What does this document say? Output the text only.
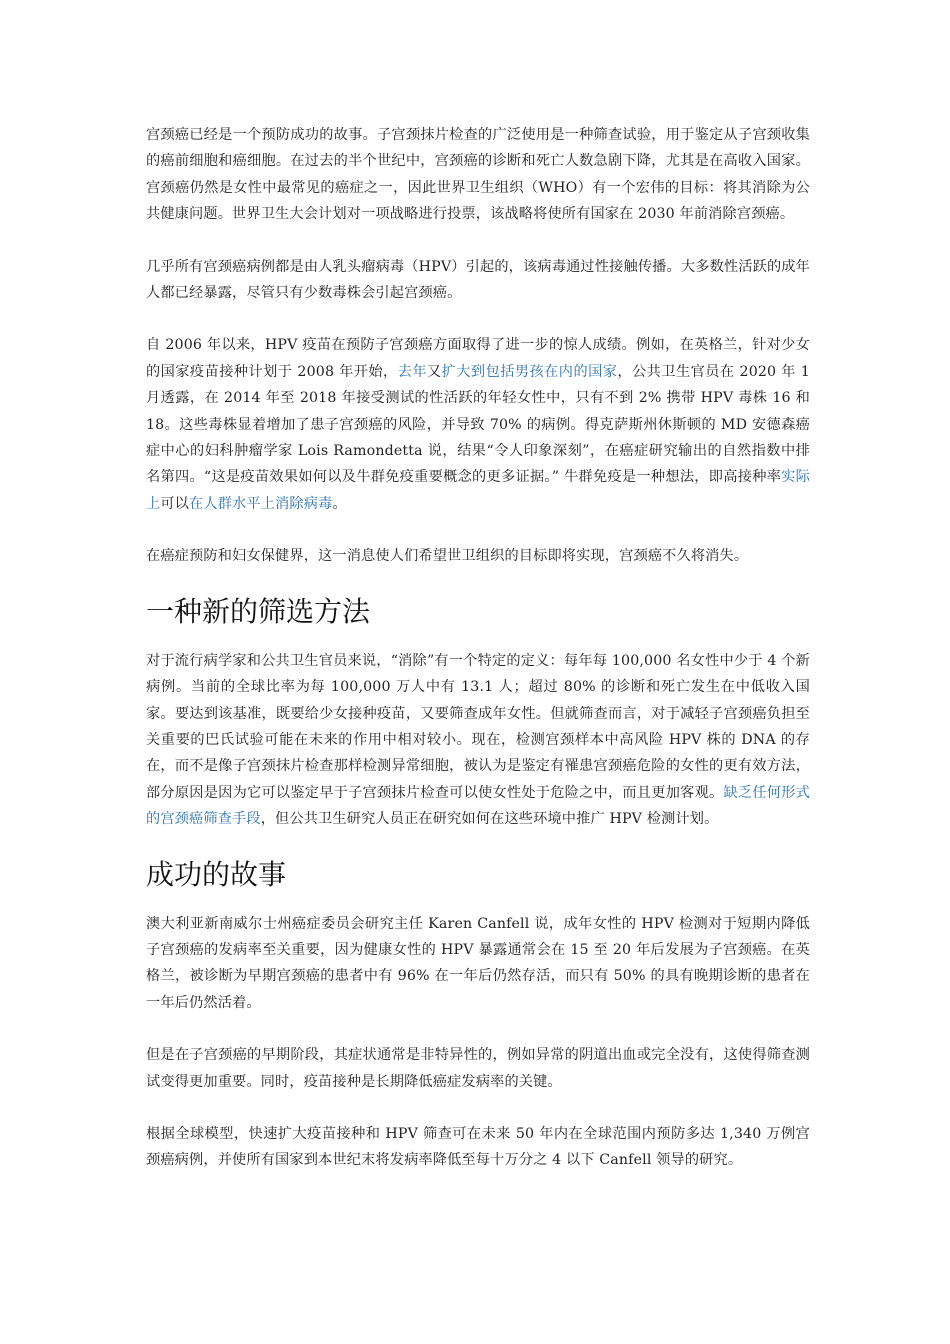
宫颈癌已经是一个预防成功的故事。子宫颈抹片检查的广泛使用是一种筛查试验，用于鉴定从子宫颈收集的癌前细胞和癌细胞。在过去的半个世纪中，宫颈癌的诊断和死亡人数急剧下降，尤其是在高收入国家。宫颈癌仍然是女性中最常见的癌症之一，因此世界卫生组织（WHO）有一个宏伟的目标：将其消除为公共健康问题。世界卫生大会计划对一项战略进行投票，该战略将使所有国家在 2030 年前消除宫颈癌。

几乎所有宫颈癌病例都是由人乳头瘤病毒（HPV）引起的，该病毒通过性接触传播。大多数性活跃的成年人都已经暴露，尽管只有少数毒株会引起宫颈癌。

自 2006 年以来，HPV 疫苗在预防子宫颈癌方面取得了进一步的惊人成绩。例如，在英格兰，针对少女的国家疫苗接种计划于 2008 年开始，去年又扩大到包括男孩在内的国家，公共卫生官员在 2020 年 1 月透露，在 2014 年至 2018 年接受测试的性活跃的年轻女性中，只有不到 2% 携带 HPV 毒株 16 和 18。这些毒株显着增加了患子宫颈癌的风险，并导致 70% 的病例。得克萨斯州休斯顿的 MD 安德森癌症中心的妇科肿瘤学家 Lois Ramondetta 说，结果“令人印象深刻”，在癌症研究输出的自然指数中排名第四。“这是疫苗效果如何以及牛群免疫重要概念的更多证据。” 牛群免疫是一种想法，即高接种率实际上可以在人群水平上消除病毒。

在癌症预防和妇女保健界，这一消息使人们希望世卫组织的目标即将实现，宫颈癌不久将消失。

一种新的筛选方法

对于流行病学家和公共卫生官员来说，“消除”有一个特定的定义：每年每 100,000 名女性中少于 4 个新病例。当前的全球比率为每 100,000 万人中有 13.1 人；超过 80% 的诊断和死亡发生在中低收入国家。要达到该基准，既要给少女接种疫苗，又要筛查成年女性。但就筛查而言，对于减轻子宫颈癌负担至关重要的巴氏试验可能在未来的作用中相对较小。现在，检测宫颈样本中高风险 HPV 株的 DNA 的存在，而不是像子宫颈抹片检查那样检测异常细胞，被认为是鉴定有罹患宫颈癌危险的女性的更有效方法，部分原因是因为它可以鉴定早于子宫颈抹片检查可以使女性处于危险之中，而且更加客观。缺乏任何形式的宫颈癌筛查手段，但公共卫生研究人员正在研究如何在这些环境中推广 HPV 检测计划。

成功的故事

澳大利亚新南威尔士州癌症委员会研究主任 Karen Canfell 说，成年女性的 HPV 检测对于短期内降低子宫颈癌的发病率至关重要，因为健康女性的 HPV 暴露通常会在 15 至 20 年后发展为子宫颈癌。在英格兰，被诊断为早期宫颈癌的患者中有 96% 在一年后仍然存活，而只有 50% 的具有晚期诊断的患者在一年后仍然活着。

但是在子宫颈癌的早期阶段，其症状通常是非特异性的，例如异常的阴道出血或完全没有，这使得筛查测试变得更加重要。同时，疫苗接种是长期降低癌症发病率的关键。

根据全球模型，快速扩大疫苗接种和 HPV 筛查可在未来 50 年内在全球范围内预防多达 1,340 万例宫颈癌病例，并使所有国家到本世纪末将发病率降低至每十万分之 4 以下 Canfell 领导的研究。
